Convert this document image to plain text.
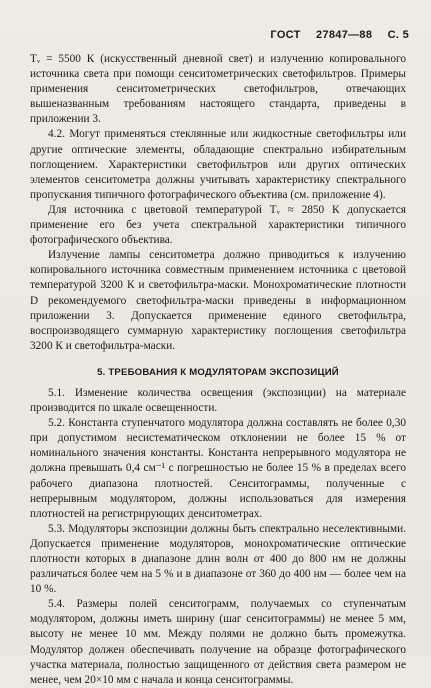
ГОСТ 27847—88 С. 5

Tᵥ = 5500 К (искусственный дневной свет) и излучению копировального источника света при помощи сенситометрических светофильтров. Примеры применения сенситометрических светофильтров, отвечающих вышеназванным требованиям настоящего стандарта, приведены в приложении 3.

4.2. Могут применяться стеклянные или жидкостные светофильтры или другие оптические элементы, обладающие спектрально избирательным поглощением. Характеристики светофильтров или других оптических элементов сенситометра должны учитывать характеристику спектрального пропускания типичного фотографического объектива (см. приложение 4).

Для источника с цветовой температурой Tᵥ ≈ 2850 К допускается применение его без учета спектральной характеристики типичного фотографического объектива.

Излучение лампы сенситометра должно приводиться к излучению копировального источника совместным применением источника с цветовой температурой 3200 К и светофильтра-маски. Монохроматические плотности D рекомендуемого светофильтра-маски приведены в информационном приложении 3. Допускается применение единого светофильтра, воспроизводящего суммарную характеристику поглощения светофильтра 3200 К и светофильтра-маски.

5. ТРЕБОВАНИЯ К МОДУЛЯТОРАМ ЭКСПОЗИЦИЙ

5.1. Изменение количества освещения (экспозиции) на материале производится по шкале освещенности.

5.2. Константа ступенчатого модулятора должна составлять не более 0,30 при допустимом несистематическом отклонении не более 15 % от номинального значения константы. Константа непрерывного модулятора не должна превышать 0,4 см⁻¹ с погрешностью не более 15 % в пределах всего рабочего диапазона плотностей. Сенситограммы, полученные с непрерывным модулятором, должны использоваться для измерения плотностей на регистрирующих денситометрах.

5.3. Модуляторы экспозиции должны быть спектрально неселективными. Допускается применение модуляторов, монохроматические оптические плотности которых в диапазоне длин волн от 400 до 800 нм не должны различаться более чем на 5 % и в диапазоне от 360 до 400 нм — более чем на 10 %.

5.4. Размеры полей сенситограмм, получаемых со ступенчатым модулятором, должны иметь ширину (шаг сенситограммы) не менее 5 мм, высоту не менее 10 мм. Между полями не должно быть промежутка. Модулятор должен обеспечивать получение на образце фотографического участка материала, полностью защищенного от действия света размером не менее, чем 20×10 мм с начала и конца сенситограммы.
